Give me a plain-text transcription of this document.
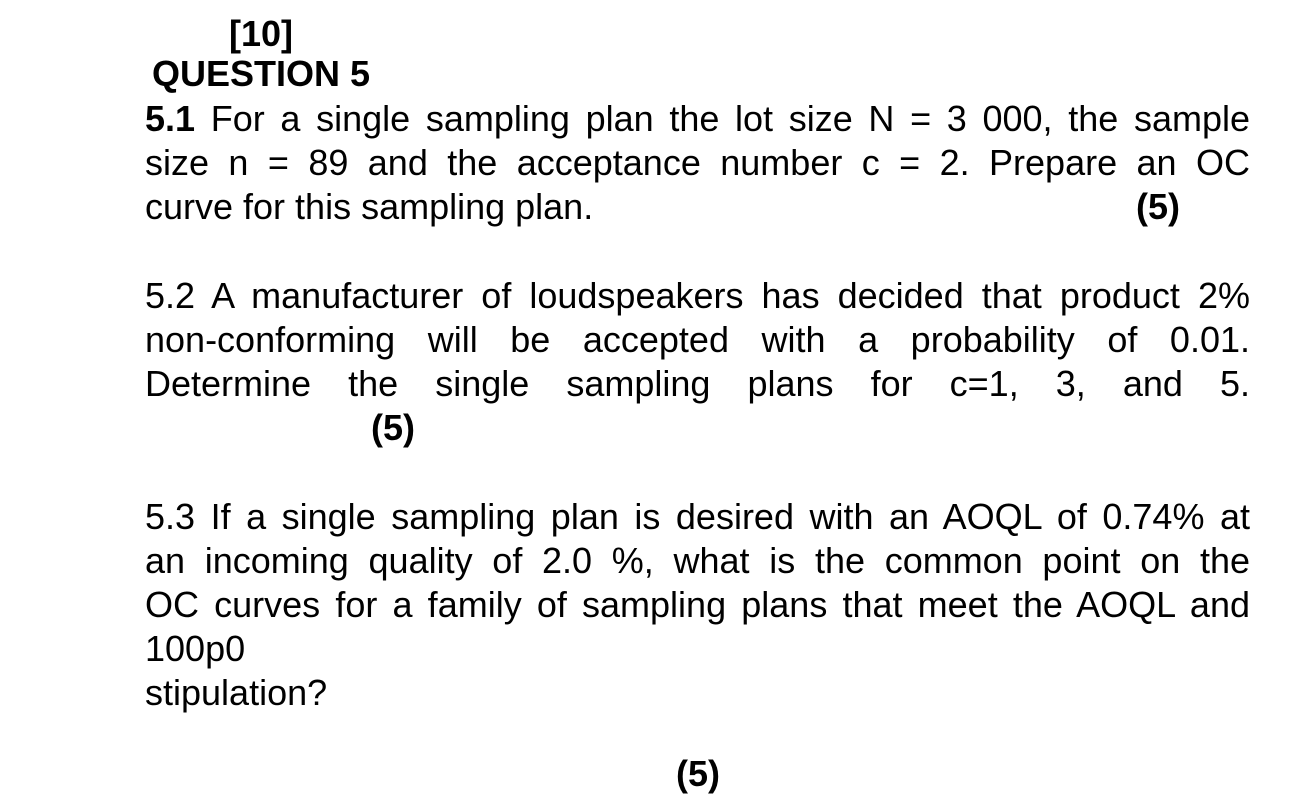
[10]
QUESTION 5
5.1 For a single sampling plan the lot size N = 3 000, the sample
size n = 89 and the acceptance number c = 2. Prepare an OC
curve for this sampling plan.	(5)
5.2 A manufacturer of loudspeakers has decided that product 2%
non-conforming will be accepted with a probability of 0.01.
Determine the single sampling plans for c=1, 3, and 5.
(5)
5.3 If a single sampling plan is desired with an AOQL of 0.74% at
an incoming quality of 2.0 %, what is the common point on the
OC curves for a family of sampling plans that meet the AOQL and
100p0
stipulation?
(5)
